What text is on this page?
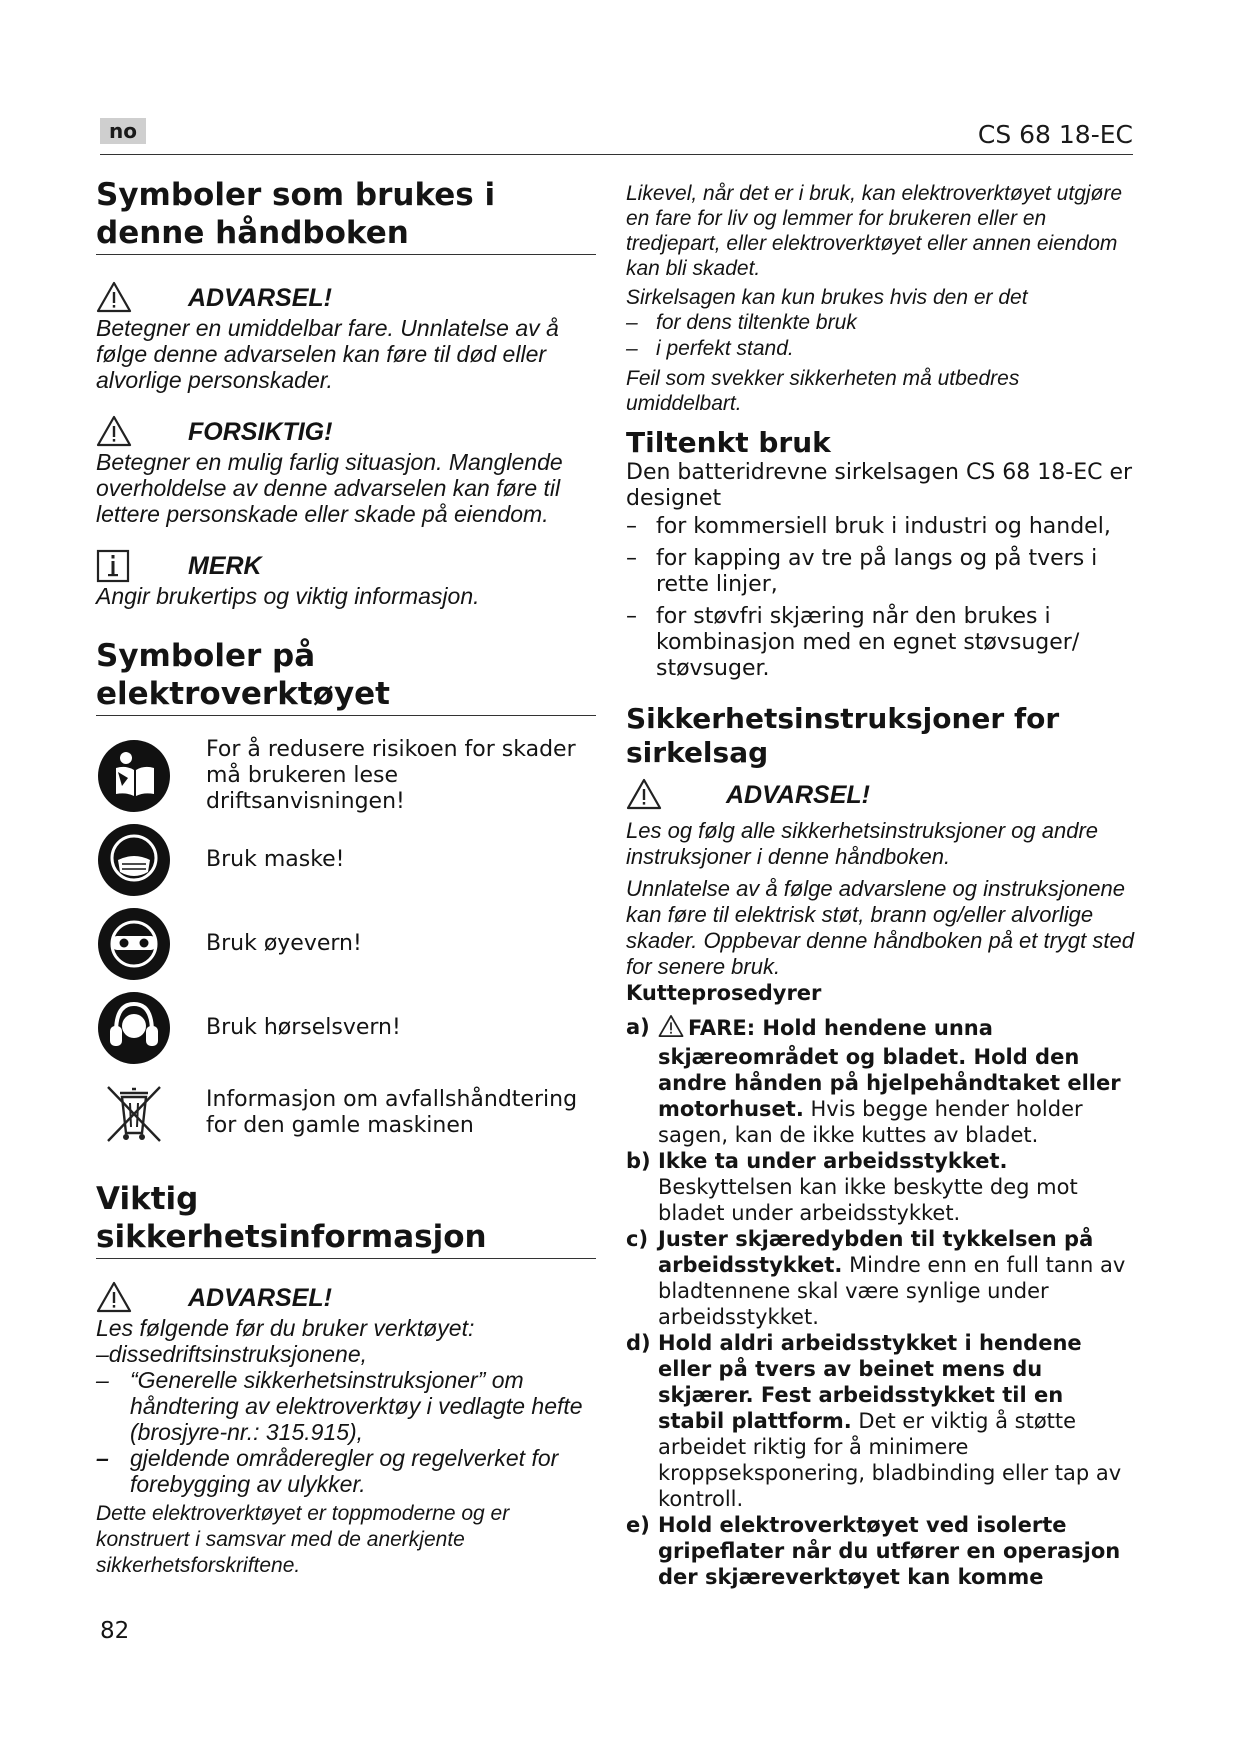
no	CS 68 18-EC
Symboler som brukes i denne håndboken
ADVARSEL!
Betegner en umiddelbar fare. Unnlatelse av å følge denne advarselen kan føre til død eller alvorlige personskader.
FORSIKTIG!
Betegner en mulig farlig situasjon. Manglende overholdelse av denne advarselen kan føre til lettere personskade eller skade på eiendom.
MERK
Angir brukertips og viktig informasjon.
Symboler på elektroverktøyet
For å redusere risikoen for skader må brukeren lese driftsanvisningen!
Bruk maske!
Bruk øyevern!
Bruk hørselsvern!
Informasjon om avfallshåndtering for den gamle maskinen
Viktig sikkerhetsinformasjon
ADVARSEL!
Les følgende før du bruker verktøyet:
–dissedriftsinstruksjonene,
– “Generelle sikkerhetsinstruksjoner” om håndtering av elektroverktøy i vedlagte hefte (brosjyre-nr.: 315.915),
– gjeldende områderegler og regelverket for forebygging av ulykker.
Dette elektroverktøyet er toppmoderne og er konstruert i samsvar med de anerkjente sikkerhetsforskriftene.
Likevel, når det er i bruk, kan elektroverktøyet utgjøre en fare for liv og lemmer for brukeren eller en tredjepart, eller elektroverktøyet eller annen eiendom kan bli skadet.
Sirkelsagen kan kun brukes hvis den er det
– for dens tiltenkte bruk
– i perfekt stand.
Feil som svekker sikkerheten må utbedres umiddelbart.
Tiltenkt bruk
Den batteridrevne sirkelsagen CS 68 18-EC er designet
– for kommersiell bruk i industri og handel,
– for kapping av tre på langs og på tvers i rette linjer,
– for støvfri skjæring når den brukes i kombinasjon med en egnet støvsuger/ støvsuger.
Sikkerhetsinstruksjoner for sirkelsag
ADVARSEL!
Les og følg alle sikkerhetsinstruksjoner og andre instruksjoner i denne håndboken.
Unnlatelse av å følge advarslene og instruksjonene kan føre til elektrisk støt, brann og/eller alvorlige skader. Oppbevar denne håndboken på et trygt sted for senere bruk.
Kutteprosedyrer
a)	FARE: Hold hendene unna skjæreområdet og bladet. Hold den andre hånden på hjelpehåndtaket eller motorhuset. Hvis begge hender holder sagen, kan de ikke kuttes av bladet.
b) Ikke ta under arbeidsstykket. Beskyttelsen kan ikke beskytte deg mot bladet under arbeidsstykket.
c) Juster skjæredybden til tykkelsen på arbeidsstykket. Mindre enn en full tann av bladtennene skal være synlige under arbeidsstykket.
d) Hold aldri arbeidsstykket i hendene eller på tvers av beinet mens du skjærer. Fest arbeidsstykket til en stabil plattform. Det er viktig å støtte arbeidet riktig for å minimere kroppseksponering, bladbinding eller tap av kontroll.
e) Hold elektroverktøyet ved isolerte gripeflater når du utfører en operasjon der skjæreverktøyet kan komme
82
